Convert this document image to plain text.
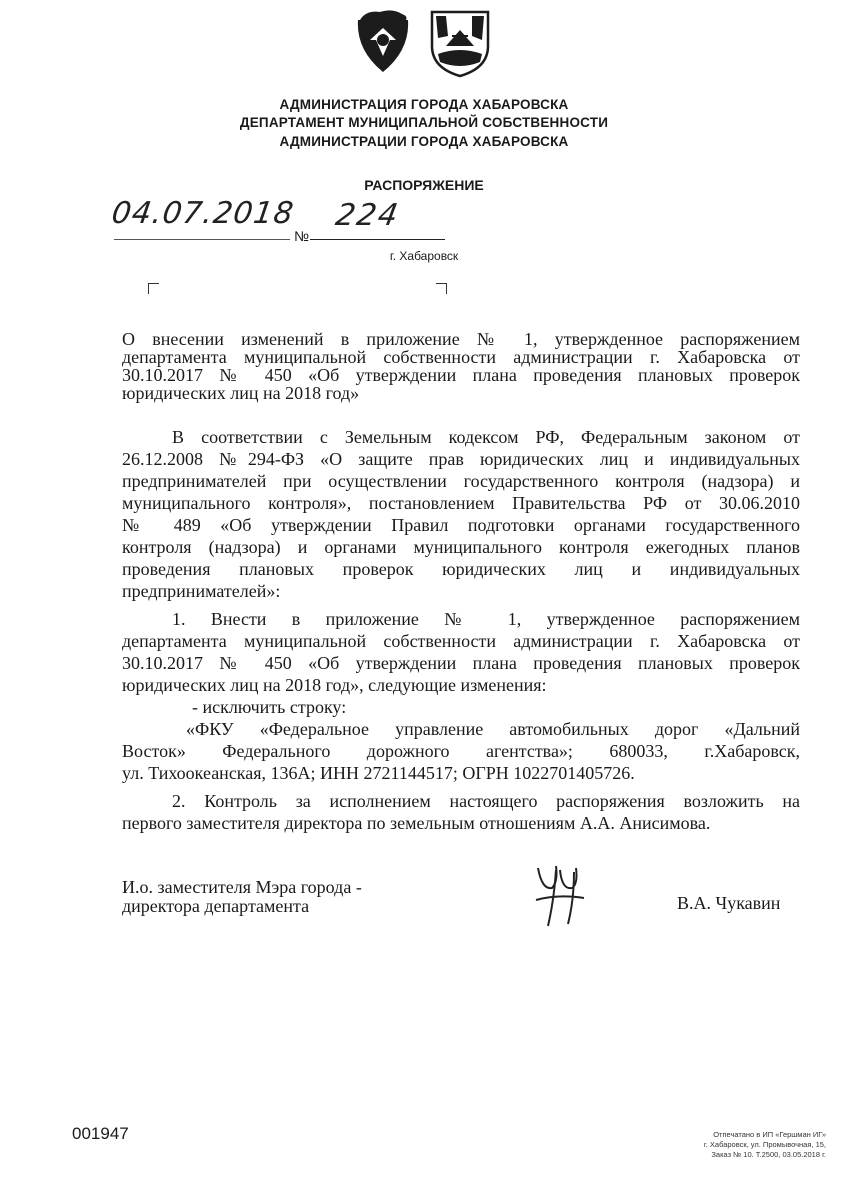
АДМИНИСТРАЦИЯ ГОРОДА ХАБАРОВСКА
ДЕПАРТАМЕНТ МУНИЦИПАЛЬНОЙ СОБСТВЕННОСТИ
АДМИНИСТРАЦИИ ГОРОДА ХАБАРОВСКА
РАСПОРЯЖЕНИЕ
04.07.2018
№
224
г. Хабаровск
О внесении изменений в приложение № 1, утвержденное распоряжением
департамента муниципальной собственности администрации г. Хабаровска от
30.10.2017 № 450 «Об утверждении плана проведения плановых проверок
юридических лиц на 2018 год»
В соответствии с Земельным кодексом РФ, Федеральным законом от
26.12.2008 №294-ФЗ «О защите прав юридических лиц и индивидуальных
предпринимателей при осуществлении государственного контроля (надзора) и
муниципального контроля», постановлением Правительства РФ от 30.06.2010
№ 489 «Об утверждении Правил подготовки органами государственного
контроля (надзора) и органами муниципального контроля ежегодных планов
проведения плановых проверок юридических лиц и индивидуальных
предпринимателей»:
1. Внести в приложение № 1, утвержденное распоряжением
департамента муниципальной собственности администрации г. Хабаровска от
30.10.2017 № 450 «Об утверждении плана проведения плановых проверок
юридических лиц на 2018 год», следующие изменения:
- исключить строку:
«ФКУ «Федеральное управление автомобильных дорог «Дальний
Восток» Федерального дорожного агентства»; 680033, г.Хабаровск,
ул. Тихоокеанская, 136А; ИНН 2721144517; ОГРН 1022701405726.
2. Контроль за исполнением настоящего распоряжения возложить на
первого заместителя директора по земельным отношениям А.А. Анисимова.
И.о. заместителя Мэра города -
директора департамента	В.А. Чукавин
001947	Отпечатано в ИП «Гершман ИГ»
г. Хабаровск, ул. Промывочная, 15,
Заказ № 10. Т.2500, 03.05.2018 г.
